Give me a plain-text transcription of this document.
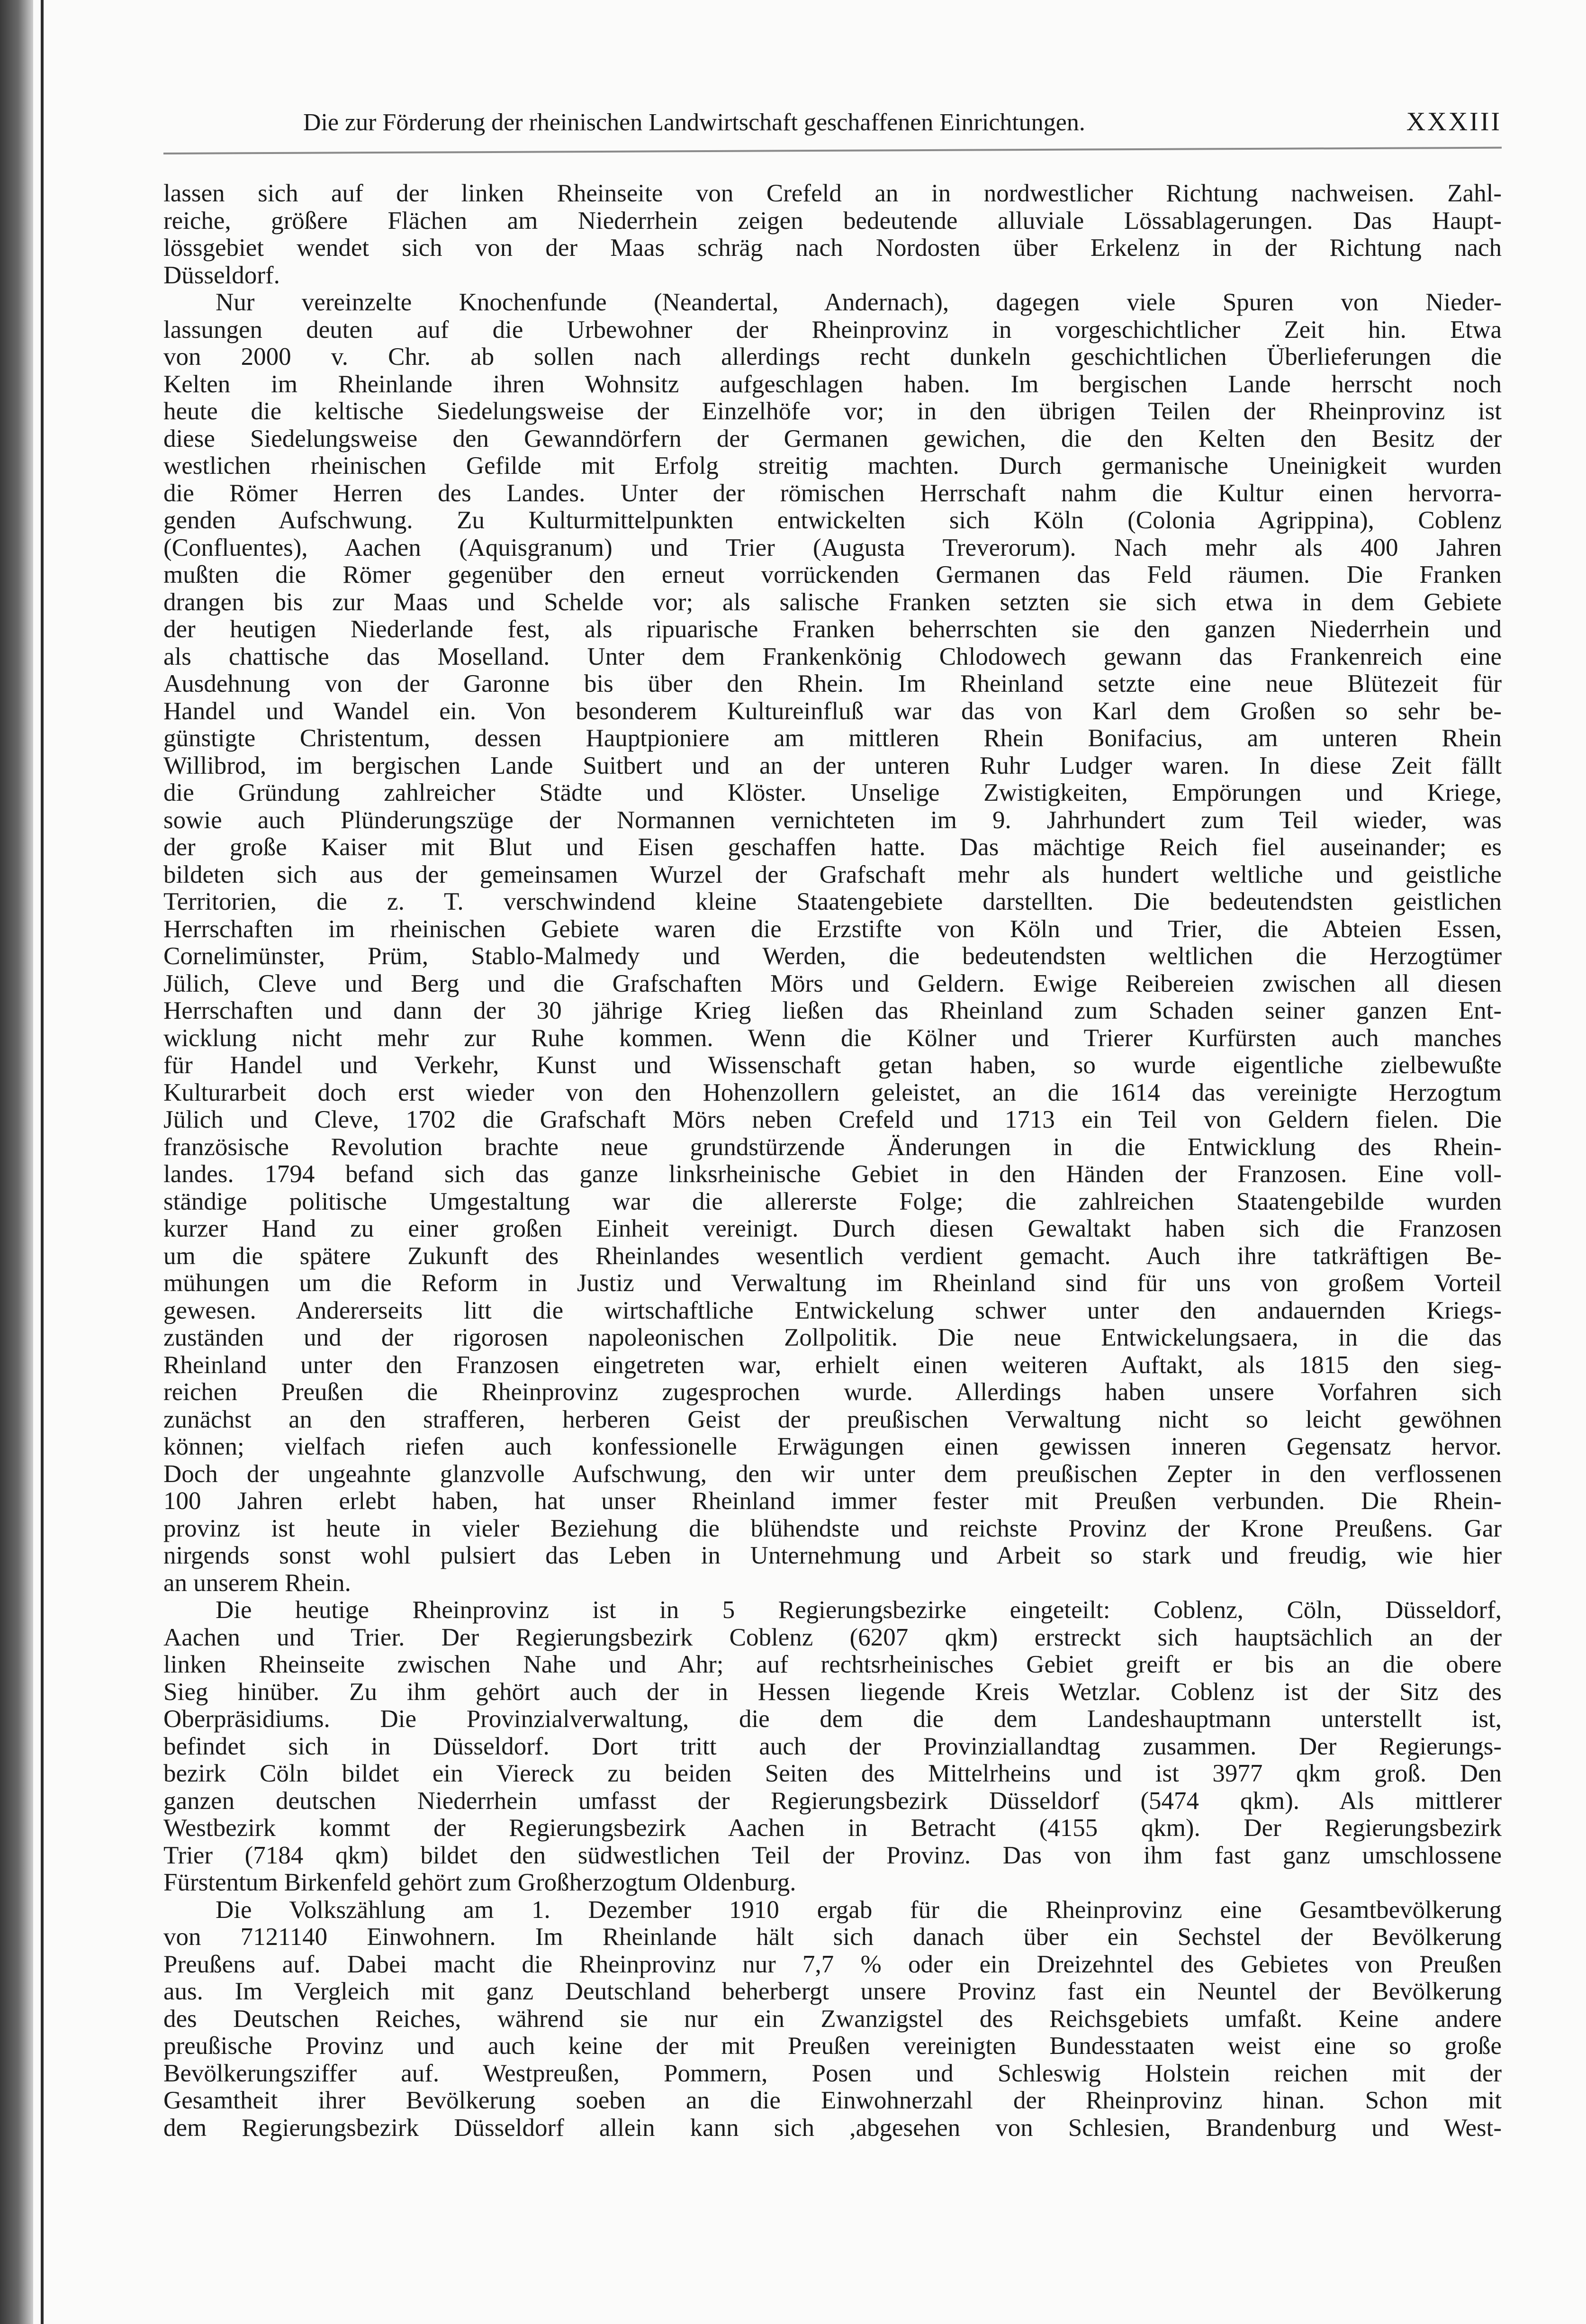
Die zur Förderung der rheinischen Landwirtschaft geschaffenen Einrichtungen.	XXXIII
lassen sich auf der linken Rheinseite von Crefeld an in nordwestlicher Richtung nachweisen. Zahl-
reiche, größere Flächen am Niederrhein zeigen bedeutende alluviale Lössablagerungen. Das Haupt-
lössgebiet wendet sich von der Maas schräg nach Nordosten über Erkelenz in der Richtung nach
Düsseldorf.
Nur vereinzelte Knochenfunde (Neandertal, Andernach), dagegen viele Spuren von Nieder-
lassungen deuten auf die Urbewohner der Rheinprovinz in vorgeschichtlicher Zeit hin. Etwa
von 2000 v. Chr. ab sollen nach allerdings recht dunkeln geschichtlichen Überlieferungen die
Kelten im Rheinlande ihren Wohnsitz aufgeschlagen haben. Im bergischen Lande herrscht noch
heute die keltische Siedelungsweise der Einzelhöfe vor; in den übrigen Teilen der Rheinprovinz ist
diese Siedelungsweise den Gewanndörfern der Germanen gewichen, die den Kelten den Besitz der
westlichen rheinischen Gefilde mit Erfolg streitig machten. Durch germanische Uneinigkeit wurden
die Römer Herren des Landes. Unter der römischen Herrschaft nahm die Kultur einen hervorra-
genden Aufschwung. Zu Kulturmittelpunkten entwickelten sich Köln (Colonia Agrippina), Coblenz
(Confluentes), Aachen (Aquisgranum) und Trier (Augusta Treverorum). Nach mehr als 400 Jahren
mußten die Römer gegenüber den erneut vorrückenden Germanen das Feld räumen. Die Franken
drangen bis zur Maas und Schelde vor; als salische Franken setzten sie sich etwa in dem Gebiete
der heutigen Niederlande fest, als ripuarische Franken beherrschten sie den ganzen Niederrhein und
als chattische das Moselland. Unter dem Frankenkönig Chlodowech gewann das Frankenreich eine
Ausdehnung von der Garonne bis über den Rhein. Im Rheinland setzte eine neue Blütezeit für
Handel und Wandel ein. Von besonderem Kultureinfluß war das von Karl dem Großen so sehr be-
günstigte Christentum, dessen Hauptpioniere am mittleren Rhein Bonifacius, am unteren Rhein
Willibrod, im bergischen Lande Suitbert und an der unteren Ruhr Ludger waren. In diese Zeit fällt
die Gründung zahlreicher Städte und Klöster. Unselige Zwistigkeiten, Empörungen und Kriege,
sowie auch Plünderungszüge der Normannen vernichteten im 9. Jahrhundert zum Teil wieder, was
der große Kaiser mit Blut und Eisen geschaffen hatte. Das mächtige Reich fiel auseinander; es
bildeten sich aus der gemeinsamen Wurzel der Grafschaft mehr als hundert weltliche und geistliche
Territorien, die z. T. verschwindend kleine Staatengebiete darstellten. Die bedeutendsten geistlichen
Herrschaften im rheinischen Gebiete waren die Erzstifte von Köln und Trier, die Abteien Essen,
Cornelimünster, Prüm, Stablo-Malmedy und Werden, die bedeutendsten weltlichen die Herzogtümer
Jülich, Cleve und Berg und die Grafschaften Mörs und Geldern. Ewige Reibereien zwischen all diesen
Herrschaften und dann der 30 jährige Krieg ließen das Rheinland zum Schaden seiner ganzen Ent-
wicklung nicht mehr zur Ruhe kommen. Wenn die Kölner und Trierer Kurfürsten auch manches
für Handel und Verkehr, Kunst und Wissenschaft getan haben, so wurde eigentliche zielbewußte
Kulturarbeit doch erst wieder von den Hohenzollern geleistet, an die 1614 das vereinigte Herzogtum
Jülich und Cleve, 1702 die Grafschaft Mörs neben Crefeld und 1713 ein Teil von Geldern fielen. Die
französische Revolution brachte neue grundstürzende Änderungen in die Entwicklung des Rhein-
landes. 1794 befand sich das ganze linksrheinische Gebiet in den Händen der Franzosen. Eine voll-
ständige politische Umgestaltung war die allererste Folge; die zahlreichen Staatengebilde wurden
kurzer Hand zu einer großen Einheit vereinigt. Durch diesen Gewaltakt haben sich die Franzosen
um die spätere Zukunft des Rheinlandes wesentlich verdient gemacht. Auch ihre tatkräftigen Be-
mühungen um die Reform in Justiz und Verwaltung im Rheinland sind für uns von großem Vorteil
gewesen. Andererseits litt die wirtschaftliche Entwickelung schwer unter den andauernden Kriegs-
zuständen und der rigorosen napoleonischen Zollpolitik. Die neue Entwickelungsaera, in die das
Rheinland unter den Franzosen eingetreten war, erhielt einen weiteren Auftakt, als 1815 den sieg-
reichen Preußen die Rheinprovinz zugesprochen wurde. Allerdings haben unsere Vorfahren sich
zunächst an den strafferen, herberen Geist der preußischen Verwaltung nicht so leicht gewöhnen
können; vielfach riefen auch konfessionelle Erwägungen einen gewissen inneren Gegensatz hervor.
Doch der ungeahnte glanzvolle Aufschwung, den wir unter dem preußischen Zepter in den verflossenen
100 Jahren erlebt haben, hat unser Rheinland immer fester mit Preußen verbunden. Die Rhein-
provinz ist heute in vieler Beziehung die blühendste und reichste Provinz der Krone Preußens. Gar
nirgends sonst wohl pulsiert das Leben in Unternehmung und Arbeit so stark und freudig, wie hier
an unserem Rhein.
Die heutige Rheinprovinz ist in 5 Regierungsbezirke eingeteilt: Coblenz, Cöln, Düsseldorf,
Aachen und Trier. Der Regierungsbezirk Coblenz (6207 qkm) erstreckt sich hauptsächlich an der
linken Rheinseite zwischen Nahe und Ahr; auf rechtsrheinisches Gebiet greift er bis an die obere
Sieg hinüber. Zu ihm gehört auch der in Hessen liegende Kreis Wetzlar. Coblenz ist der Sitz des
Oberpräsidiums. Die Provinzialverwaltung, die dem die dem Landeshauptmann unterstellt ist,
befindet sich in Düsseldorf. Dort tritt auch der Provinziallandtag zusammen. Der Regierungs-
bezirk Cöln bildet ein Viereck zu beiden Seiten des Mittelrheins und ist 3977 qkm groß. Den
ganzen deutschen Niederrhein umfasst der Regierungsbezirk Düsseldorf (5474 qkm). Als mittlerer
Westbezirk kommt der Regierungsbezirk Aachen in Betracht (4155 qkm). Der Regierungsbezirk
Trier (7184 qkm) bildet den südwestlichen Teil der Provinz. Das von ihm fast ganz umschlossene
Fürstentum Birkenfeld gehört zum Großherzogtum Oldenburg.
Die Volkszählung am 1. Dezember 1910 ergab für die Rheinprovinz eine Gesamtbevölkerung
von 7121140 Einwohnern. Im Rheinlande hält sich danach über ein Sechstel der Bevölkerung
Preußens auf. Dabei macht die Rheinprovinz nur 7,7 % oder ein Dreizehntel des Gebietes von Preußen
aus. Im Vergleich mit ganz Deutschland beherbergt unsere Provinz fast ein Neuntel der Bevölkerung
des Deutschen Reiches, während sie nur ein Zwanzigstel des Reichsgebiets umfaßt. Keine andere
preußische Provinz und auch keine der mit Preußen vereinigten Bundesstaaten weist eine so große
Bevölkerungsziffer auf. Westpreußen, Pommern, Posen und Schleswig Holstein reichen mit der
Gesamtheit ihrer Bevölkerung soeben an die Einwohnerzahl der Rheinprovinz hinan. Schon mit
dem Regierungsbezirk Düsseldorf allein kann sich ,abgesehen von Schlesien, Brandenburg und West-
